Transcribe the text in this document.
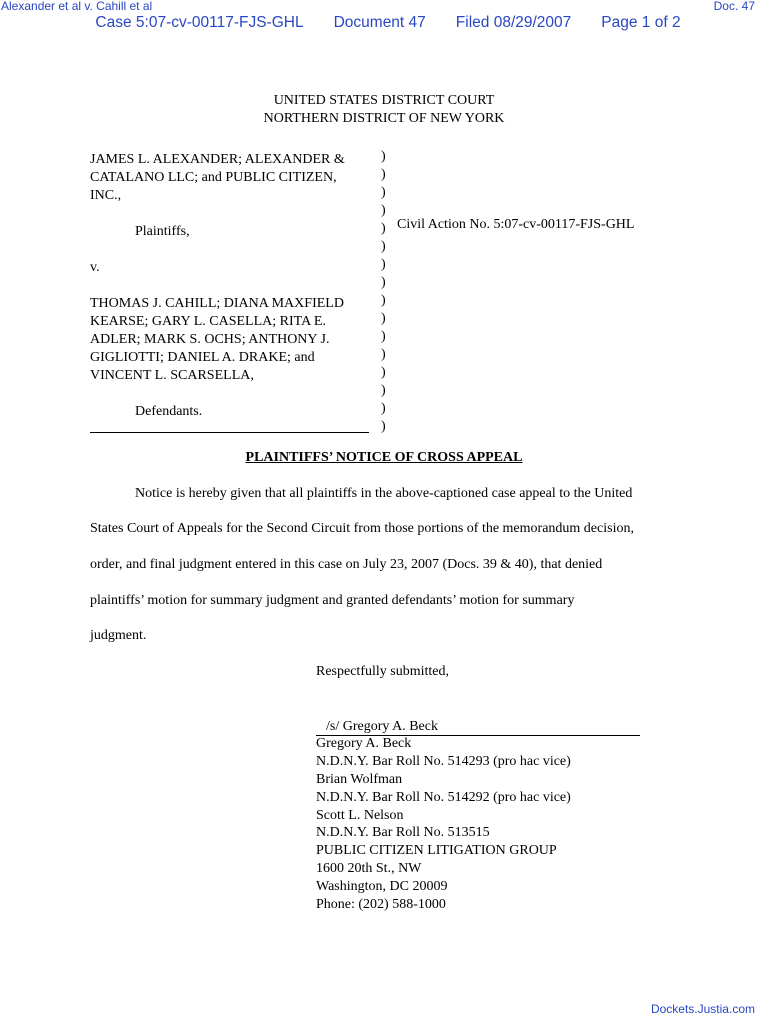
Alexander et al v. Cahill et al	Doc. 47
Case 5:07-cv-00117-FJS-GHL Document 47 Filed 08/29/2007 Page 1 of 2
UNITED STATES DISTRICT COURT
NORTHERN DISTRICT OF NEW YORK
JAMES L. ALEXANDER; ALEXANDER &
CATALANO LLC; and PUBLIC CITIZEN,
INC.,
Plaintiffs,
v.
THOMAS J. CAHILL; DIANA MAXFIELD
KEARSE; GARY L. CASELLA; RITA E.
ADLER; MARK S. OCHS; ANTHONY J.
GIGLIOTTI; DANIEL A. DRAKE; and
VINCENT L. SCARSELLA,
Defendants.
)
)
)
)
)
)
)
)
)
)
)
)
)
)
)
)
Civil Action No. 5:07-cv-00117-FJS-GHL
PLAINTIFFS’ NOTICE OF CROSS APPEAL
Notice is hereby given that all plaintiffs in the above-captioned case appeal to the United
States Court of Appeals for the Second Circuit from those portions of the memorandum decision,
order, and final judgment entered in this case on July 23, 2007 (Docs. 39 & 40), that denied
plaintiffs’ motion for summary judgment and granted defendants’ motion for summary
judgment.
Respectfully submitted,
/s/ Gregory A. Beck
Gregory A. Beck
N.D.N.Y. Bar Roll No. 514293 (pro hac vice)
Brian Wolfman
N.D.N.Y. Bar Roll No. 514292 (pro hac vice)
Scott L. Nelson
N.D.N.Y. Bar Roll No. 513515
PUBLIC CITIZEN LITIGATION GROUP
1600 20th St., NW
Washington, DC 20009
Phone: (202) 588-1000
Dockets.Justia.com
